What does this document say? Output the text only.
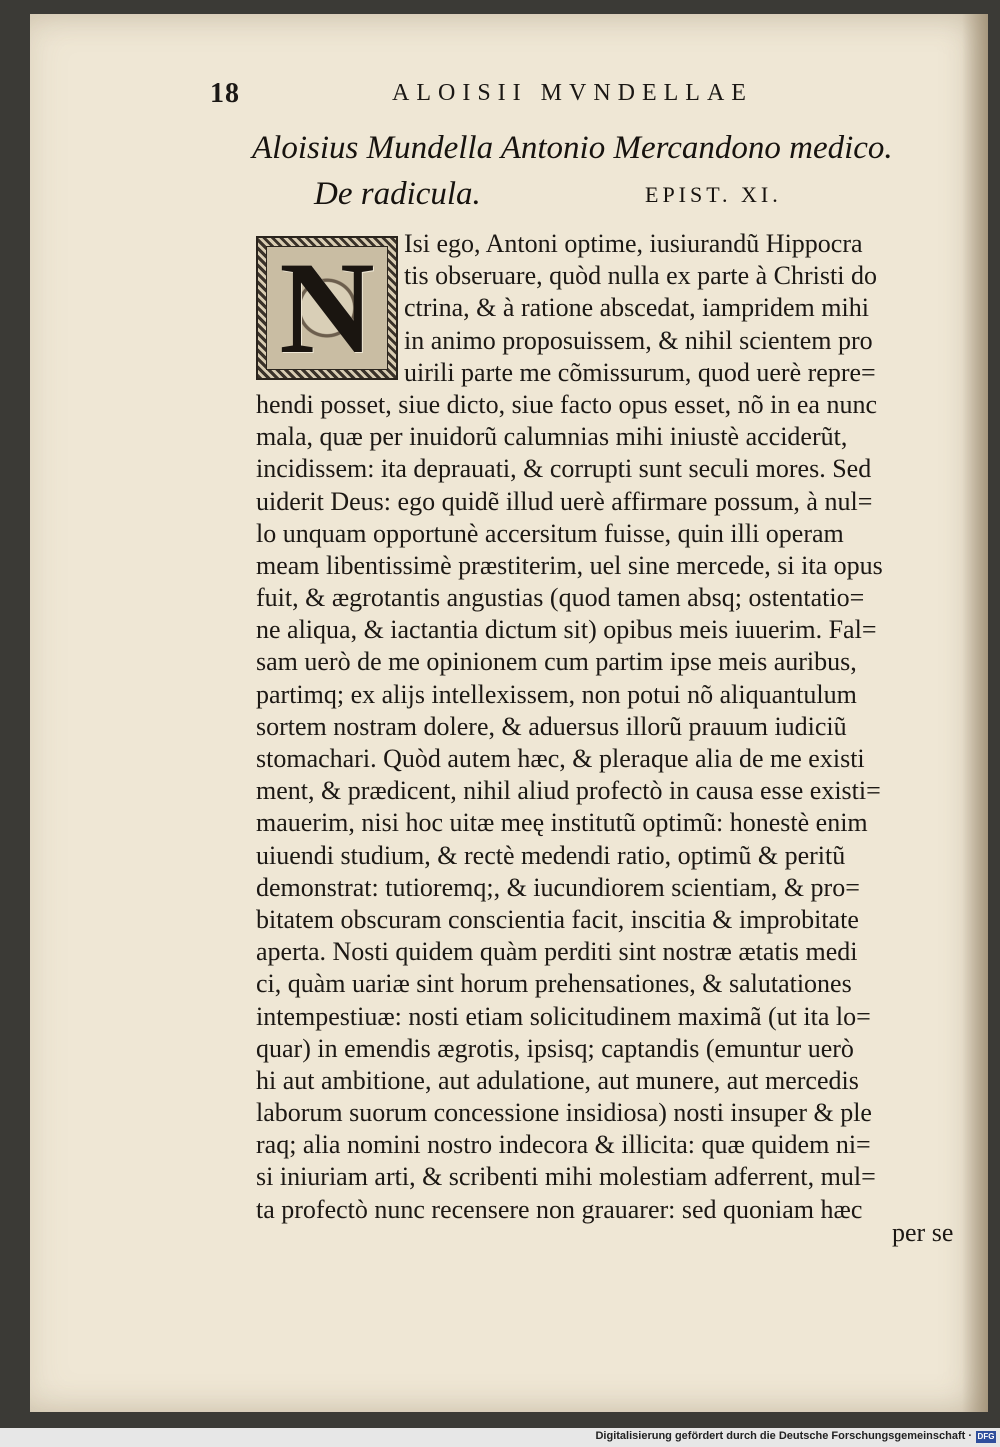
18	ALOISII MVNDELLAE
Aloisius Mundella Antonio Mercandono medico.
De radicula.	EPIST. XI.
N	Isi ego, Antoni optime, iusiurandũ Hippocra
tis obseruare, quòd nulla ex parte à Christi do
ctrina, & à ratione abscedat, iampridem mihi
in animo proposuissem, & nihil scientem pro
uirili parte me cõmissurum, quod uerè repre=
hendi posset, siue dicto, siue facto opus esset, nõ in ea nunc
mala, quæ per inuidorũ calumnias mihi iniustè acciderũt,
incidissem: ita deprauati, & corrupti sunt seculi mores. Sed
uiderit Deus: ego quidẽ illud uerè affirmare possum, à nul=
lo unquam opportunè accersitum fuisse, quin illi operam
meam libentissimè præstiterim, uel sine mercede, si ita opus
fuit, & ægrotantis angustias (quod tamen absq; ostentatio=
ne aliqua, & iactantia dictum sit) opibus meis iuuerim. Fal=
sam uerò de me opinionem cum partim ipse meis auribus,
partimq; ex alijs intellexissem, non potui nõ aliquantulum
sortem nostram dolere, & aduersus illorũ prauum iudiciũ
stomachari. Quòd autem hæc, & pleraque alia de me existi
ment, & prædicent, nihil aliud profectò in causa esse existi=
mauerim, nisi hoc uitæ meę institutũ optimũ: honestè enim
uiuendi studium, & rectè medendi ratio, optimũ & peritũ
demonstrat: tutioremq;, & iucundiorem scientiam, & pro=
bitatem obscuram conscientia facit, inscitia & improbitate
aperta. Nosti quidem quàm perditi sint nostræ ætatis medi
ci, quàm uariæ sint horum prehensationes, & salutationes
intempestiuæ: nosti etiam solicitudinem maximã (ut ita lo=
quar) in emendis ægrotis, ipsisq; captandis (emuntur uerò
hi aut ambitione, aut adulatione, aut munere, aut mercedis
laborum suorum concessione insidiosa) nosti insuper & ple
raq; alia nomini nostro indecora & illicita: quæ quidem ni=
si iniuriam arti, & scribenti mihi molestiam adferrent, mul=
ta profectò nunc recensere non grauarer: sed quoniam hæc
per se
Digitalisierung gefördert durch die Deutsche Forschungsgemeinschaft · DFG
